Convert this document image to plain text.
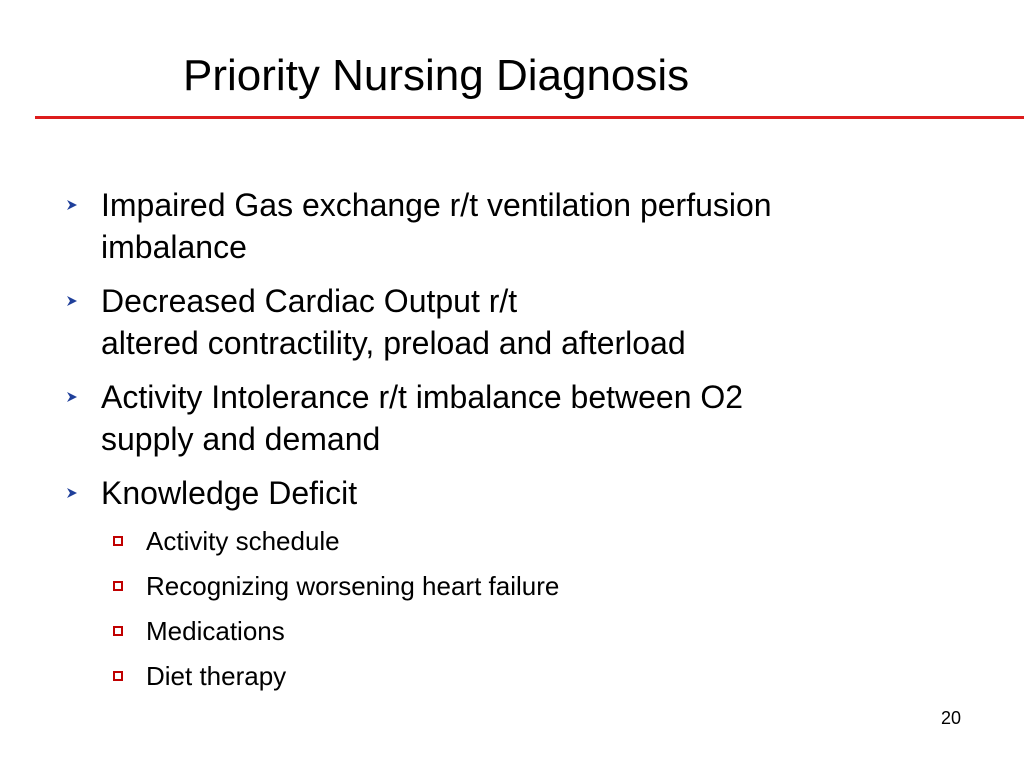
Priority Nursing Diagnosis
Impaired Gas exchange r/t ventilation perfusion
imbalance
Decreased Cardiac Output r/t
altered contractility, preload and afterload
Activity Intolerance r/t imbalance between O2
supply and demand
Knowledge Deficit
Activity schedule
Recognizing worsening heart failure
Medications
Diet therapy
20
